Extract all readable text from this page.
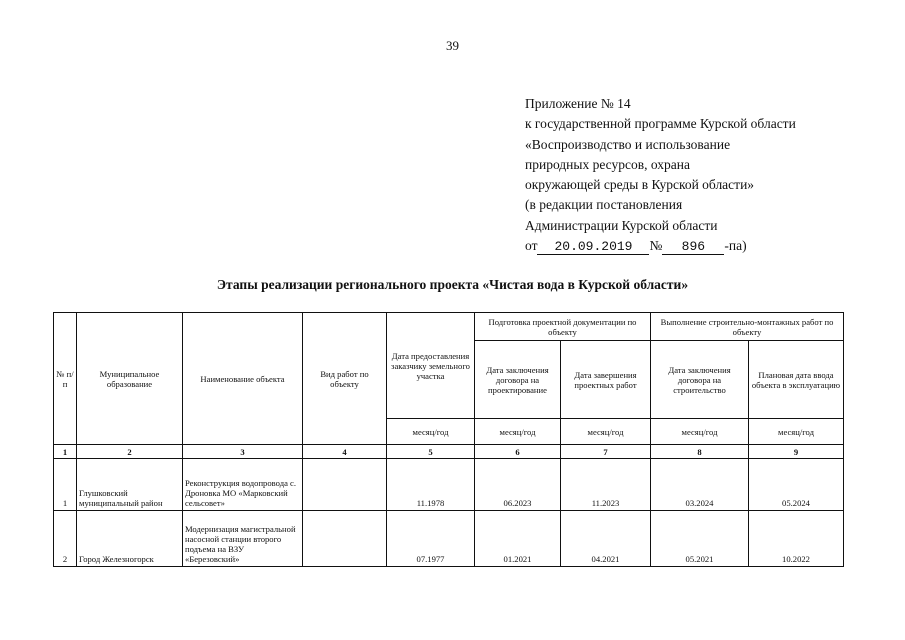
39
Приложение № 14
к государственной программе Курской области
«Воспроизводство и использование
природных ресурсов, охрана
окружающей среды в Курской области»
(в редакции постановления
Администрации Курской области
от 20.09.2019 № 896 -па)
Этапы реализации регионального проекта «Чистая вода в Курской области»
№ п/п	Муниципальное образование	Наименование объекта	Вид работ по объекту	Дата предоставления заказчику земельного участка	Подготовка проектной документации по объекту		Выполнение строительно-монтажных работ по объекту	
					Дата заключения договора на проектирование	Дата завершения проектных работ	Дата заключения договора на строительство	Плановая дата ввода объекта в эксплуатацию
				месяц/год	месяц/год	месяц/год	месяц/год	месяц/год
1	2	3	4	5	6	7	8	9
1	Глушковский муниципальный район	Реконструкция водопровода с. Дроновка МО «Марковский сельсовет»		11.1978	06.2023	11.2023	03.2024	05.2024
2	Город Железногорск	Модернизация магистральной насосной станции второго подъема на ВЗУ «Березовский»		07.1977	01.2021	04.2021	05.2021	10.2022
